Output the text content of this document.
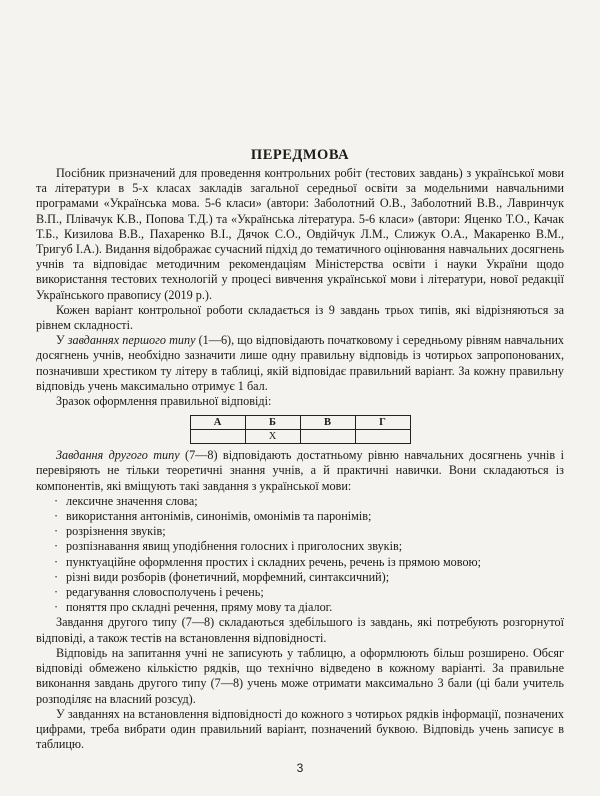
ПЕРЕДМОВА

Посібник призначений для проведення контрольних робіт (тестових завдань) з української мови та літератури в 5-х класах закладів загальної середньої освіти за модельними навчальними програмами «Українська мова. 5-6 класи» (автори: Заболотний О.В., Заболотний В.В., Лавринчук В.П., Плівачук К.В., Попова Т.Д.) та «Українська література. 5-6 класи» (автори: Яценко Т.О., Качак Т.Б., Кизилова В.В., Пахаренко В.І., Дячок С.О., Овдійчук Л.М., Слижук О.А., Макаренко В.М., Тригуб І.А.). Видання відображає сучасний підхід до тематичного оцінювання навчальних досягнень учнів та відповідає методичним рекомендаціям Міністерства освіти і науки України щодо використання тестових технологій у процесі вивчення української мови і літератури, нової редакції Українського правопису (2019 р.).

Кожен варіант контрольної роботи складається із 9 завдань трьох типів, які відрізняються за рівнем складності.

У завданнях першого типу (1—6), що відповідають початковому і середньому рівням навчальних досягнень учнів, необхідно зазначити лише одну правильну відповідь із чотирьох запропонованих, позначивши хрестиком ту літеру в таблиці, якій відповідає правильний варіант. За кожну правильну відповідь учень максимально отримує 1 бал.

Зразок оформлення правильної відповіді:

А	Б	В	Г
	Х		

Завдання другого типу (7—8) відповідають достатньому рівню навчальних досягнень учнів і перевіряють не тільки теоретичні знання учнів, а й практичні навички. Вони складаються із компонентів, які вміщують такі завдання з української мови:

· лексичне значення слова;
· використання антонімів, синонімів, омонімів та паронімів;
· розрізнення звуків;
· розпізнавання явищ уподібнення голосних і приголосних звуків;
· пунктуаційне оформлення простих і складних речень, речень із прямою мовою;
· різні види розборів (фонетичний, морфемний, синтаксичний);
· редагування словосполучень і речень;
· поняття про складні речення, пряму мову та діалог.

Завдання другого типу (7—8) складаються здебільшого із завдань, які потребують розгорнутої відповіді, а також тестів на встановлення відповідності.

Відповідь на запитання учні не записують у таблицю, а оформлюють більш розширено. Обсяг відповіді обмежено кількістю рядків, що технічно відведено в кожному варіанті. За правильне виконання завдань другого типу (7—8) учень може отримати максимально 3 бали (ці бали учитель розподіляє на власний розсуд).

У завданнях на встановлення відповідності до кожного з чотирьох рядків інформації, позначених цифрами, треба вибрати один правильний варіант, позначений буквою. Відповідь учень записує в таблицю.

3
